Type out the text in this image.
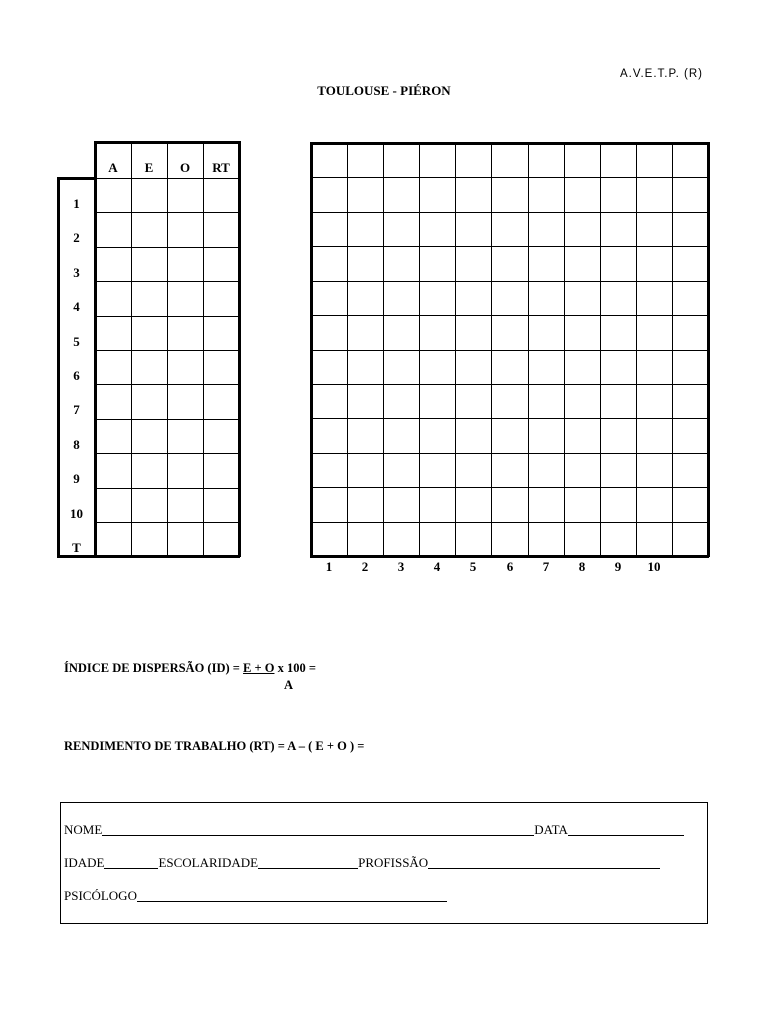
A.V.E.T.P. (R)
TOULOUSE - PIÉRON
A	E	O	RT
1
2
3
4
5
6
7
8
9
10
T
1	2	3	4	5	6	7	8	9	10
ÍNDICE DE DISPERSÃO (ID) = E + O x 100 =
A
RENDIMENTO DE TRABALHO (RT) = A – ( E + O ) =
NOME	DATA
IDADE	ESCOLARIDADE	PROFISSÃO
PSICÓLOGO
